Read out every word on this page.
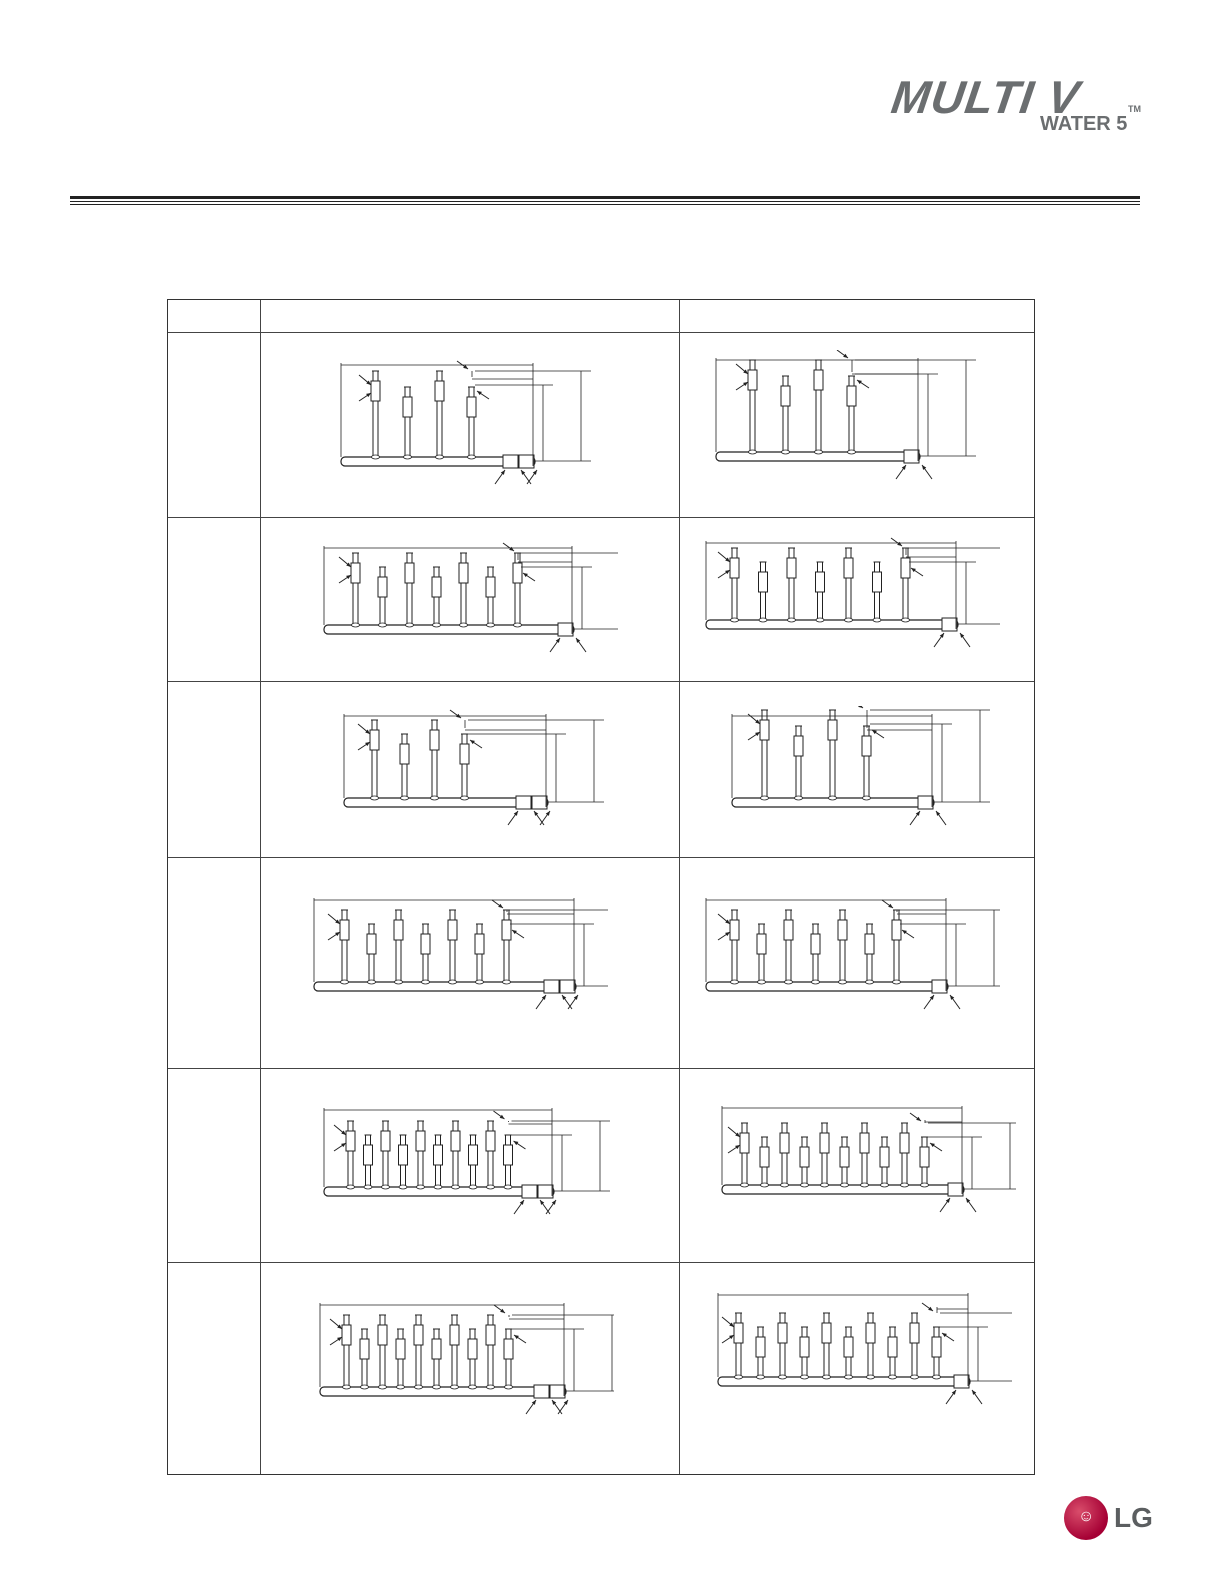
MULTI V	TM
WATER 5
☺ LG
